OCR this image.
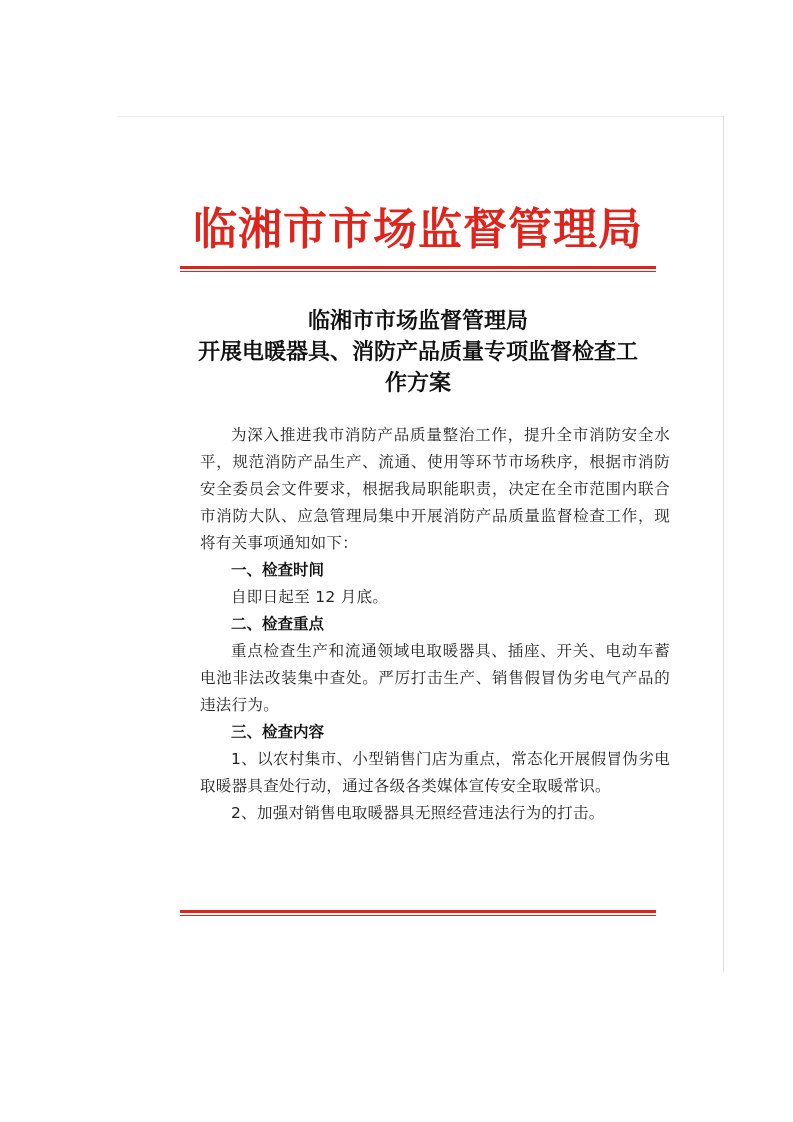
临湘市市场监督管理局
临湘市市场监督管理局
开展电暖器具、消防产品质量专项监督检查工
作方案

为深入推进我市消防产品质量整治工作，提升全市消防安全水平，规范消防产品生产、流通、使用等环节市场秩序，根据市消防安全委员会文件要求，根据我局职能职责，决定在全市范围内联合市消防大队、应急管理局集中开展消防产品质量监督检查工作，现将有关事项通知如下：

一、检查时间

自即日起至 12 月底。

二、检查重点

重点检查生产和流通领域电取暖器具、插座、开关、电动车蓄电池非法改装集中查处。严厉打击生产、销售假冒伪劣电气产品的违法行为。

三、检查内容

1、以农村集市、小型销售门店为重点，常态化开展假冒伪劣电取暖器具查处行动，通过各级各类媒体宣传安全取暖常识。

2、加强对销售电取暖器具无照经营违法行为的打击。
